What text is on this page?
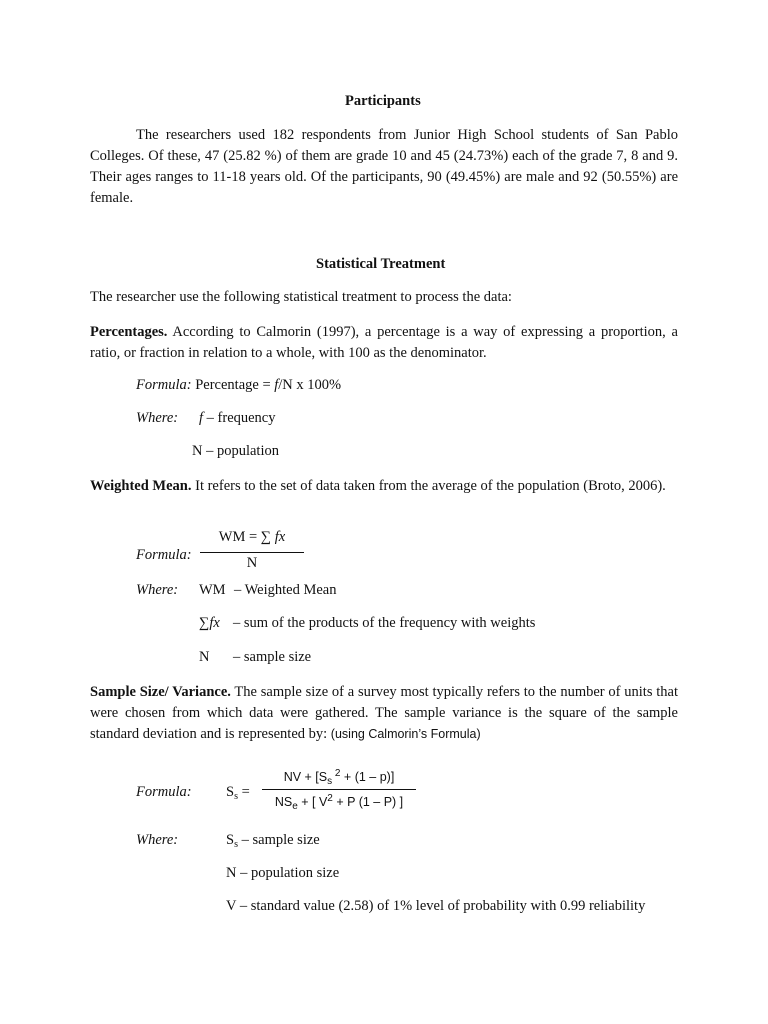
Participants
The researchers used 182 respondents from Junior High School students of San Pablo Colleges. Of these, 47 (25.82 %) of them are grade 10 and 45 (24.73%) each of the grade 7, 8 and 9. Their ages ranges to 11-18 years old. Of the participants, 90 (49.45%) are male and 92 (50.55%) are female.
Statistical Treatment
The researcher use the following statistical treatment to process the data:
Percentages. According to Calmorin (1997), a percentage is a way of expressing a proportion, a ratio, or fraction in relation to a whole, with 100 as the denominator.
Formula: Percentage = f/N x 100%
Where: f – frequency
N – population
Weighted Mean. It refers to the set of data taken from the average of the population (Broto, 2006).
Formula:
WM = ∑ fx
N
Where: WM – Weighted Mean
∑fx – sum of the products of the frequency with weights
N – sample size
Sample Size/ Variance. The sample size of a survey most typically refers to the number of units that were chosen from which data were gathered. The sample variance is the square of the sample standard deviation and is represented by: (using Calmorin’s Formula)
Formula: $S_s$ =
NV + [$S_s$ $^2$ + (1 – p)]
$NS_e$ + [ $V^2 + P$ (1 – P) ]
Where:	$S_s$ – sample size
N – population size
V – standard value (2.58) of 1% level of probability with 0.99 reliability
